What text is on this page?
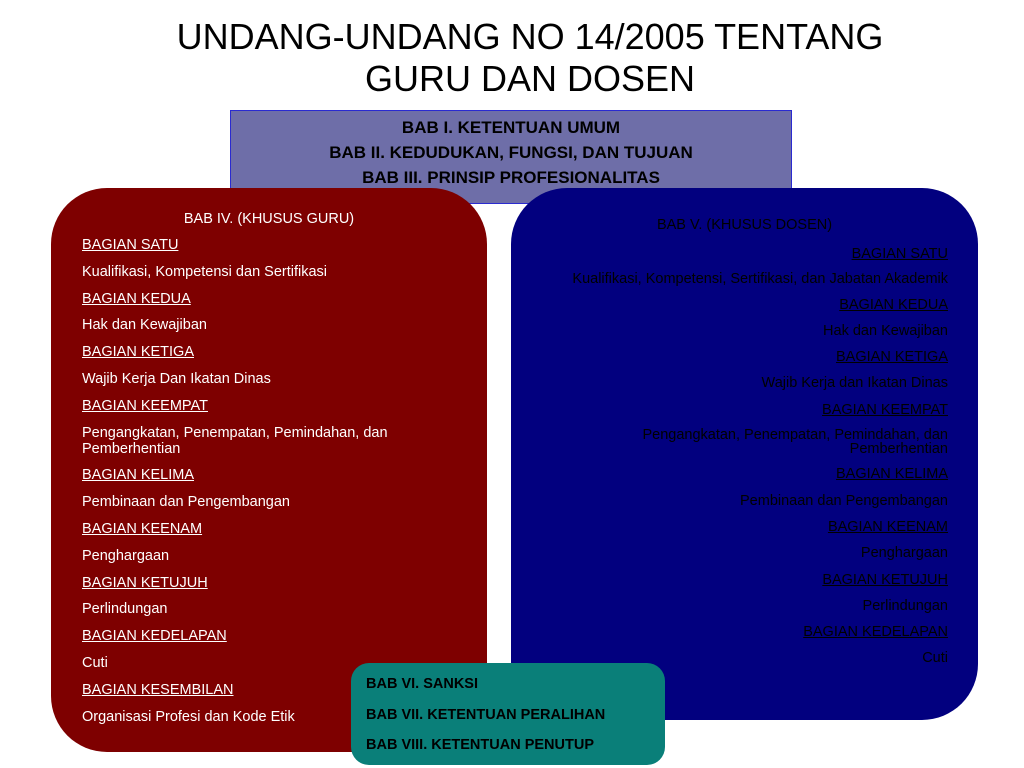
UNDANG-UNDANG NO 14/2005 TENTANG
GURU DAN DOSEN
BAB I. KETENTUAN UMUM
BAB II. KEDUDUKAN, FUNGSI, DAN TUJUAN
BAB III. PRINSIP PROFESIONALITAS
BAB IV. (KHUSUS GURU)
BAGIAN SATU
Kualifikasi, Kompetensi dan Sertifikasi
BAGIAN KEDUA
Hak dan Kewajiban
BAGIAN KETIGA
Wajib Kerja Dan Ikatan Dinas
BAGIAN KEEMPAT
Pengangkatan, Penempatan, Pemindahan, dan Pemberhentian
BAGIAN KELIMA
Pembinaan dan Pengembangan
BAGIAN KEENAM
Penghargaan
BAGIAN KETUJUH
Perlindungan
BAGIAN KEDELAPAN
Cuti
BAGIAN KESEMBILAN
Organisasi Profesi dan Kode Etik
BAB V. (KHUSUS DOSEN)
BAGIAN SATU
Kualifikasi, Kompetensi, Sertifikasi, dan Jabatan Akademik
BAGIAN KEDUA
Hak dan Kewajiban
BAGIAN KETIGA
Wajib Kerja dan Ikatan Dinas
BAGIAN KEEMPAT
Pengangkatan, Penempatan, Pemindahan, dan Pemberhentian
BAGIAN KELIMA
Pembinaan dan Pengembangan
BAGIAN KEENAM
Penghargaan
BAGIAN KETUJUH
Perlindungan
BAGIAN KEDELAPAN
Cuti
BAB VI. SANKSI
BAB VII. KETENTUAN PERALIHAN
BAB VIII. KETENTUAN PENUTUP
